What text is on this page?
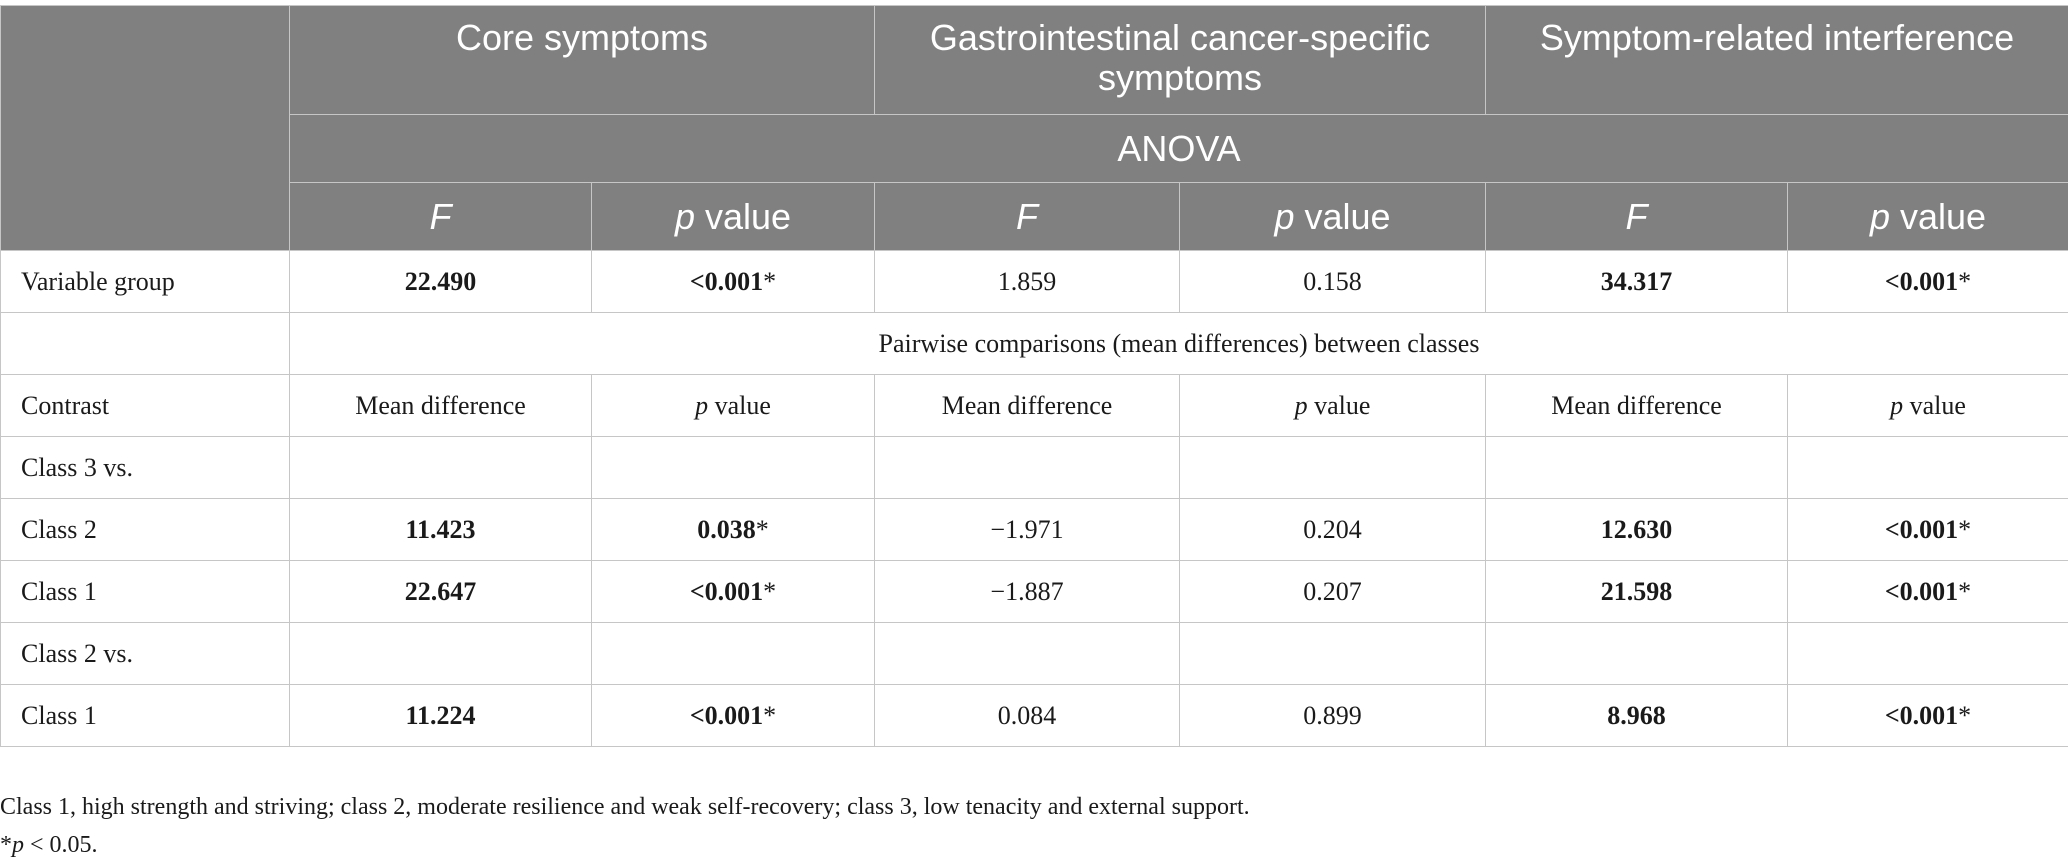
	Core symptoms		Gastrointestinal cancer-specific symptoms		Symptom-related interference	
	ANOVA					
	F	p value	F	p value	F	p value
Variable group	22.490	<0.001*	1.859	0.158	34.317	<0.001*
	Pairwise comparisons (mean differences) between classes					
Contrast	Mean difference	p value	Mean difference	p value	Mean difference	p value
Class 3 vs.						
Class 2	11.423	0.038*	−1.971	0.204	12.630	<0.001*
Class 1	22.647	<0.001*	−1.887	0.207	21.598	<0.001*
Class 2 vs.						
Class 1	11.224	<0.001*	0.084	0.899	8.968	<0.001*

Class 1, high strength and striving; class 2, moderate resilience and weak self-recovery; class 3, low tenacity and external support.

*p < 0.05.
